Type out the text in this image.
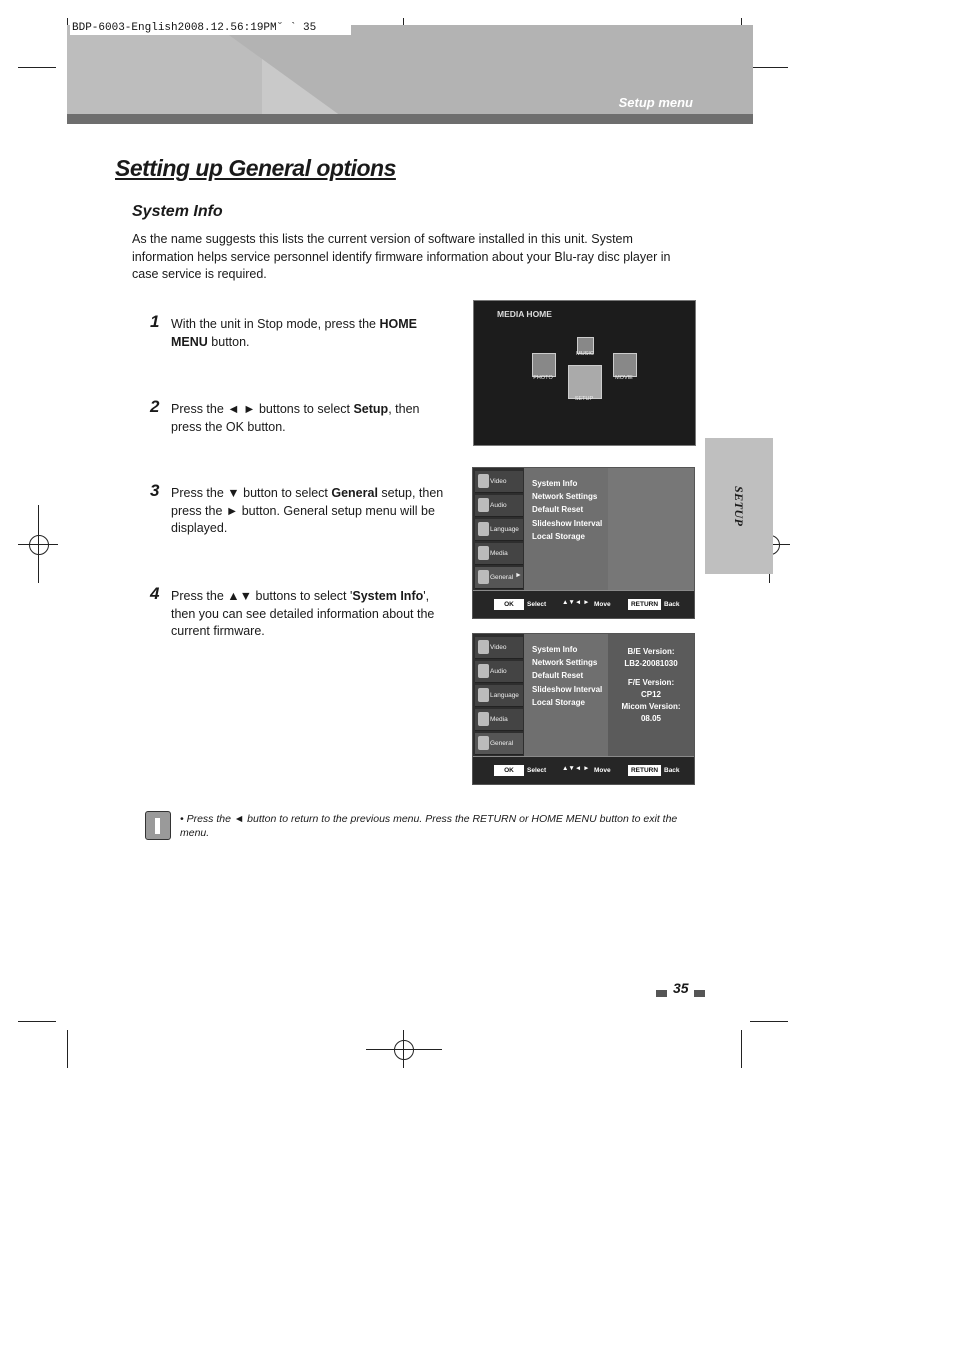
Setup menu
BDP-6003-English2008.12.56:19PM˘ ` 35
Setting up General options
System Info
As the name suggests this lists the current version of software installed in this unit. System information helps service personnel identify firmware information about your Blu-ray disc player in case service is required.
1 With the unit in Stop mode, press the HOME MENU button.
2 Press the ◄ ► buttons to select Setup, then press the OK button.
3 Press the ▼ button to select General setup, then press the ► button. General setup menu will be displayed.
4 Press the ▲▼ buttons to select 'System Info', then you can see detailed information about the current firmware.
SETUP
MEDIA HOME
MUSIC
PHOTO	MOVIE
SETUP
Video
Audio
Language
Media
General ►
System Info
Network Settings
Default Reset
Slideshow Interval
Local Storage
OK	Select ▲▼◄ ► Move	RETURN Back
Video
Audio
Language
Media
General
System Info
Network Settings
Default Reset
Slideshow Interval
Local Storage
B/E Version:
LB2-20081030
F/E Version:
CP12
Micom Version:
08.05
OK	Select ▲▼◄ ► Move	RETURN Back
• Press the ◄ button to return to the previous menu. Press the RETURN or HOME MENU button to exit the menu.
35
